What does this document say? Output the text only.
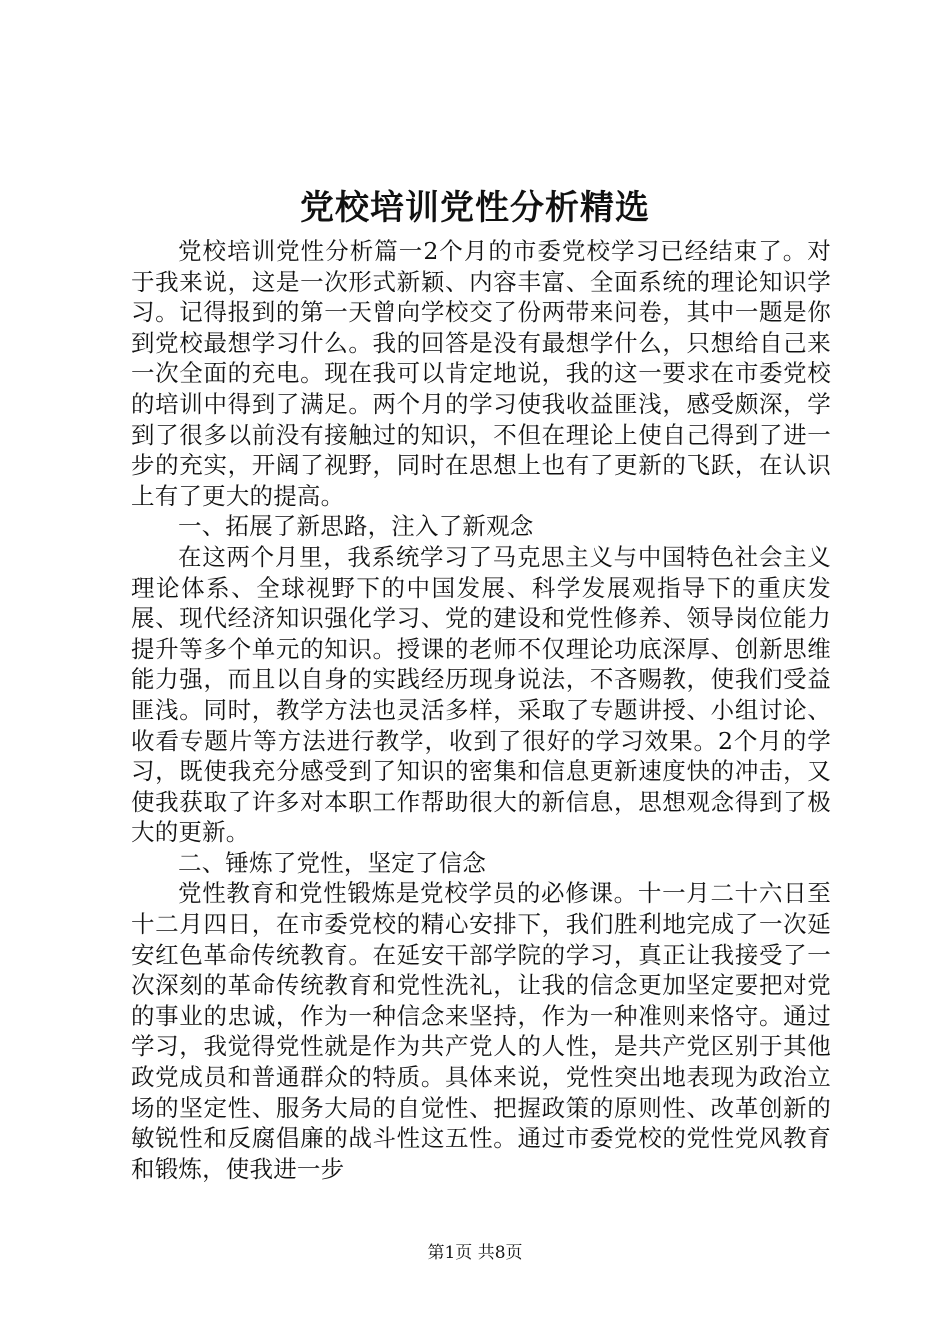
党校培训党性分析精选

党校培训党性分析篇一2个月的市委党校学习已经结束了。对于我来说，这是一次形式新颖、内容丰富、全面系统的理论知识学习。记得报到的第一天曾向学校交了份两带来问卷，其中一题是你到党校最想学习什么。我的回答是没有最想学什么，只想给自己来一次全面的充电。现在我可以肯定地说，我的这一要求在市委党校的培训中得到了满足。两个月的学习使我收益匪浅，感受颇深，学到了很多以前没有接触过的知识，不但在理论上使自己得到了进一步的充实，开阔了视野，同时在思想上也有了更新的飞跃，在认识上有了更大的提高。

一、拓展了新思路，注入了新观念

在这两个月里，我系统学习了马克思主义与中国特色社会主义理论体系、全球视野下的中国发展、科学发展观指导下的重庆发展、现代经济知识强化学习、党的建设和党性修养、领导岗位能力提升等多个单元的知识。授课的老师不仅理论功底深厚、创新思维能力强，而且以自身的实践经历现身说法，不吝赐教，使我们受益匪浅。同时，教学方法也灵活多样，采取了专题讲授、小组讨论、收看专题片等方法进行教学，收到了很好的学习效果。2个月的学习，既使我充分感受到了知识的密集和信息更新速度快的冲击，又使我获取了许多对本职工作帮助很大的新信息，思想观念得到了极大的更新。

二、锤炼了党性，坚定了信念

党性教育和党性锻炼是党校学员的必修课。十一月二十六日至十二月四日，在市委党校的精心安排下，我们胜利地完成了一次延安红色革命传统教育。在延安干部学院的学习，真正让我接受了一次深刻的革命传统教育和党性洗礼，让我的信念更加坚定要把对党的事业的忠诚，作为一种信念来坚持，作为一种准则来恪守。通过学习，我觉得党性就是作为共产党人的人性，是共产党区别于其他政党成员和普通群众的特质。具体来说，党性突出地表现为政治立场的坚定性、服务大局的自觉性、把握政策的原则性、改革创新的敏锐性和反腐倡廉的战斗性这五性。通过市委党校的党性党风教育和锻炼，使我进一步

第1页 共8页
